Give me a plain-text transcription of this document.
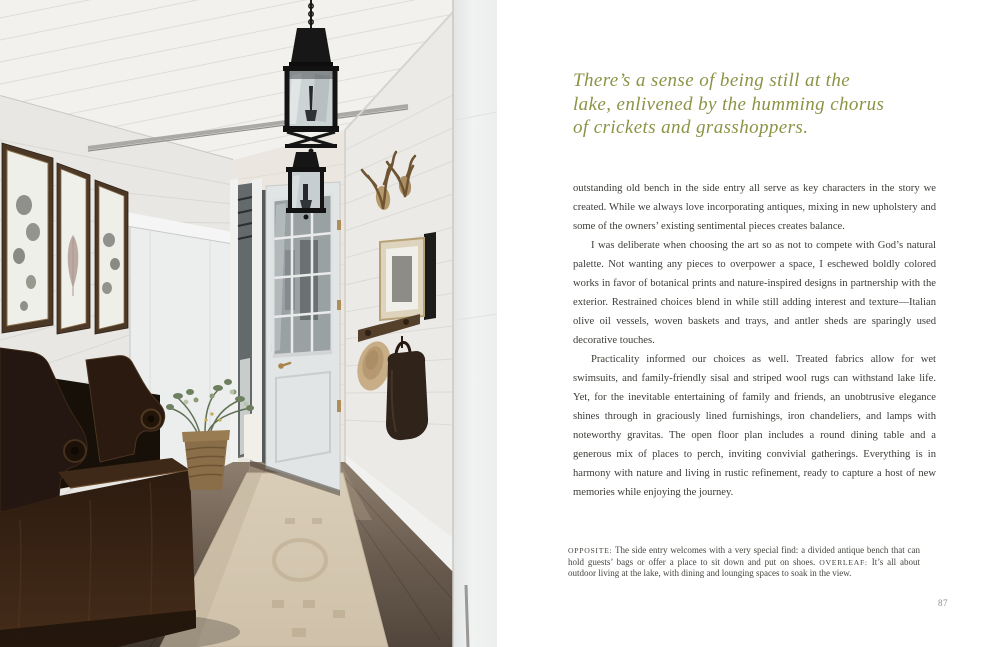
There’s a sense of being still at the
lake, enlivened by the humming chorus
of crickets and grasshoppers.

outstanding old bench in the side entry all serve as key characters in the story we created. While we always love incorporating antiques, mixing in new upholstery and some of the owners’ existing sentimental pieces creates balance.

I was deliberate when choosing the art so as not to compete with God’s natural palette. Not wanting any pieces to overpower a space, I eschewed boldly colored works in favor of botanical prints and nature-inspired designs in partnership with the exterior. Restrained choices blend in while still adding interest and texture—Italian olive oil vessels, woven baskets and trays, and antler sheds are sparingly used decorative touches.

Practicality informed our choices as well. Treated fabrics allow for wet swimsuits, and family-friendly sisal and striped wool rugs can withstand lake life. Yet, for the inevitable entertaining of family and friends, an unobtrusive elegance shines through in graciously lined furnishings, iron chandeliers, and lamps with noteworthy gravitas. The open floor plan includes a round dining table and a generous mix of places to perch, inviting convivial gatherings. Everything is in harmony with nature and living in rustic refinement, ready to capture a host of new memories while enjoying the journey.

OPPOSITE: The side entry welcomes with a very special find: a divided antique bench that can hold guests’ bags or offer a place to sit down and put on shoes. OVERLEAF: It’s all about outdoor living at the lake, with dining and lounging spaces to soak in the view.

87
